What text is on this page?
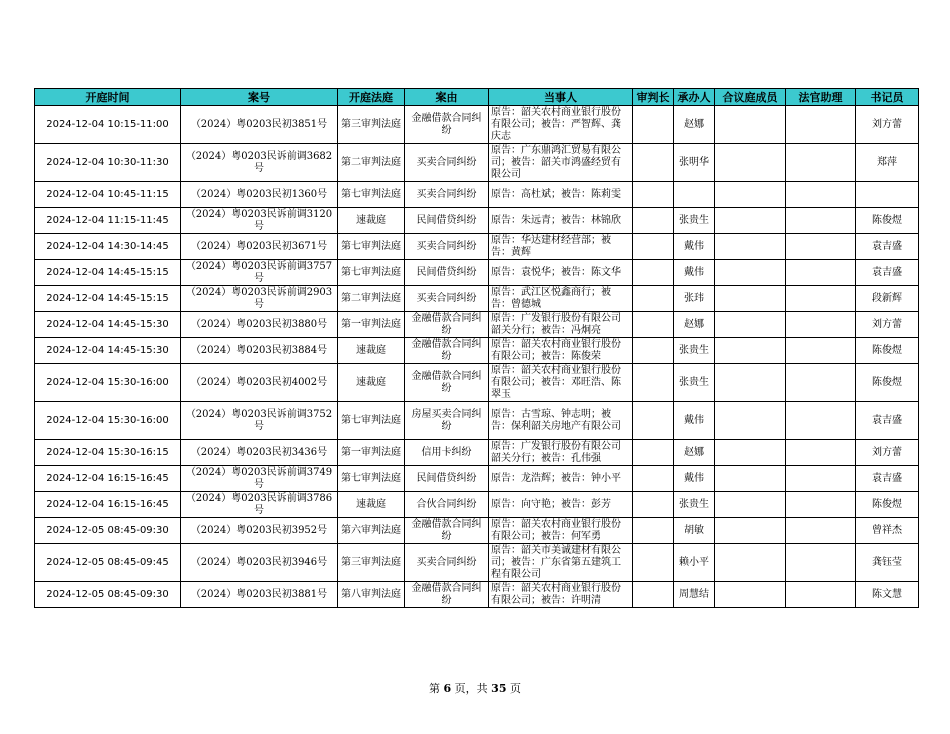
开庭时间	案号	开庭法庭	案由	当事人	审判长	承办人	合议庭成员	法官助理	书记员
2024-12-04 10:15-11:00	（2024）粤0203民初3851号	第三审判法庭	金融借款合同纠纷	原告：韶关农村商业银行股份有限公司；被告：严智辉、龚庆志		赵娜			刘方蕾
2024-12-04 10:30-11:30	（2024）粤0203民诉前调3682号	第二审判法庭	买卖合同纠纷	原告：广东鼎鸿汇贸易有限公司；被告：韶关市鸿盛经贸有限公司		张明华			郑萍
2024-12-04 10:45-11:15	（2024）粤0203民初1360号	第七审判法庭	买卖合同纠纷	原告：高杜斌；被告：陈莉雯					
2024-12-04 11:15-11:45	（2024）粤0203民诉前调3120号	速裁庭	民间借贷纠纷	原告：朱远青；被告：林锦欣		张贵生			陈俊煜
2024-12-04 14:30-14:45	（2024）粤0203民初3671号	第七审判法庭	买卖合同纠纷	原告：华达建材经营部；被告：黄辉		戴伟			袁吉盛
2024-12-04 14:45-15:15	（2024）粤0203民诉前调3757号	第七审判法庭	民间借贷纠纷	原告：袁悦华；被告：陈文华		戴伟			袁吉盛
2024-12-04 14:45-15:15	（2024）粤0203民诉前调2903号	第二审判法庭	买卖合同纠纷	原告：武江区悦鑫商行；被告：曾德城		张玮			段新辉
2024-12-04 14:45-15:30	（2024）粤0203民初3880号	第一审判法庭	金融借款合同纠纷	原告：广发银行股份有限公司韶关分行；被告：冯炯亮		赵娜			刘方蕾
2024-12-04 14:45-15:30	（2024）粤0203民初3884号	速裁庭	金融借款合同纠纷	原告：韶关农村商业银行股份有限公司；被告：陈俊荣		张贵生			陈俊煜
2024-12-04 15:30-16:00	（2024）粤0203民初4002号	速裁庭	金融借款合同纠纷	原告：韶关农村商业银行股份有限公司；被告：邓旺浩、陈翠玉		张贵生			陈俊煜
2024-12-04 15:30-16:00	（2024）粤0203民诉前调3752号	第七审判法庭	房屋买卖合同纠纷	原告：古雪琼、钟志明；被告：保利韶关房地产有限公司		戴伟			袁吉盛
2024-12-04 15:30-16:15	（2024）粤0203民初3436号	第一审判法庭	信用卡纠纷	原告：广发银行股份有限公司韶关分行；被告：孔伟强		赵娜			刘方蕾
2024-12-04 16:15-16:45	（2024）粤0203民诉前调3749号	第七审判法庭	民间借贷纠纷	原告：龙浩辉；被告：钟小平		戴伟			袁吉盛
2024-12-04 16:15-16:45	（2024）粤0203民诉前调3786号	速裁庭	合伙合同纠纷	原告：向守艳；被告：彭芳		张贵生			陈俊煜
2024-12-05 08:45-09:30	（2024）粤0203民初3952号	第六审判法庭	金融借款合同纠纷	原告：韶关农村商业银行股份有限公司；被告：何军勇		胡敏			曾祥杰
2024-12-05 08:45-09:45	（2024）粤0203民初3946号	第三审判法庭	买卖合同纠纷	原告：韶关市美诚建材有限公司；被告：广东省第五建筑工程有限公司		赖小平			龚钰莹
2024-12-05 08:45-09:30	（2024）粤0203民初3881号	第八审判法庭	金融借款合同纠纷	原告：韶关农村商业银行股份有限公司；被告：许明清		周慧结			陈文慧
第 6 页，共 35 页
